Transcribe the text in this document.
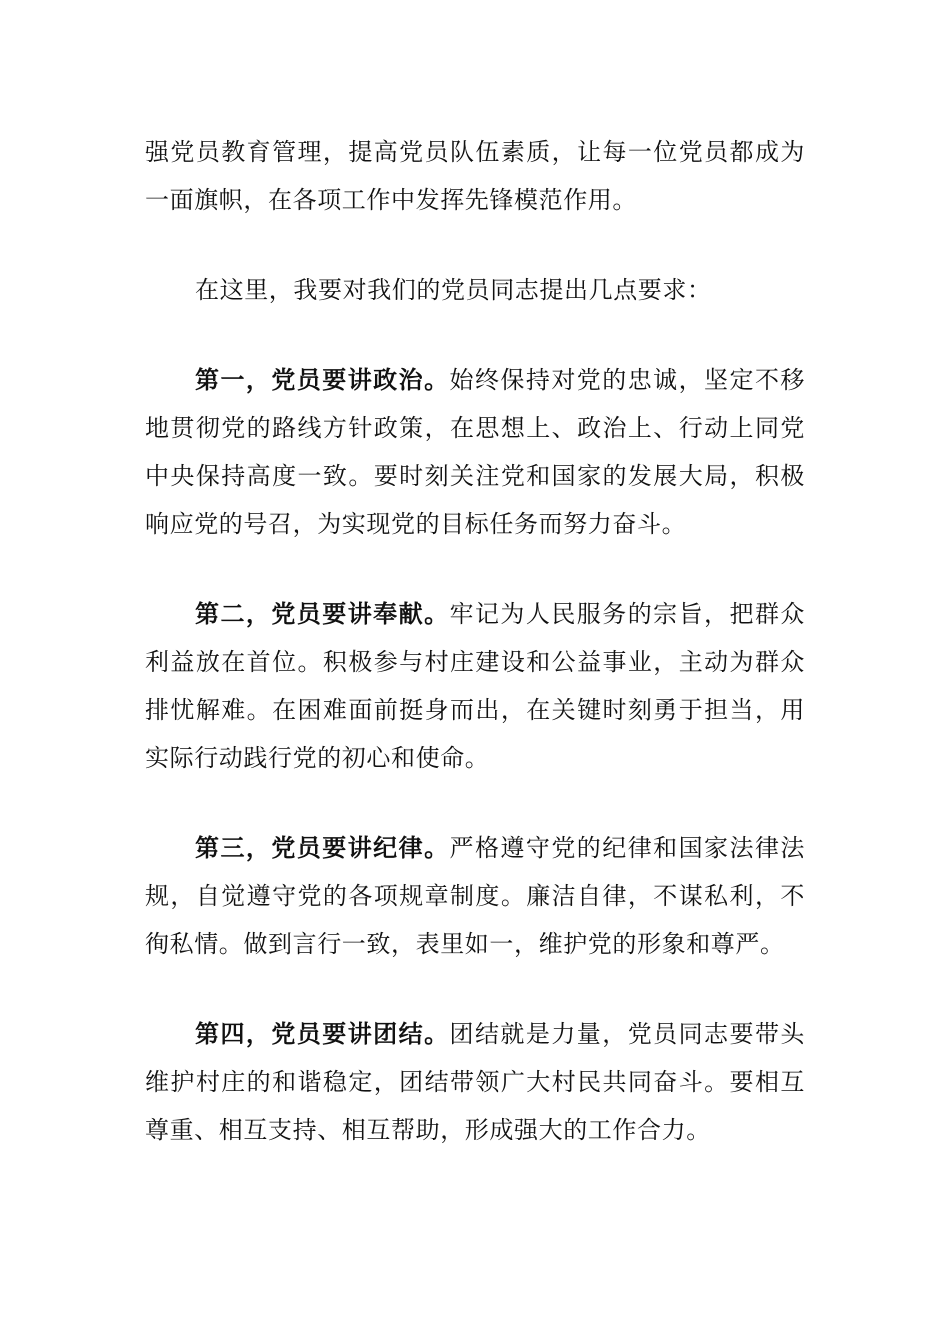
强党员教育管理，提高党员队伍素质，让每一位党员都成为一面旗帜，在各项工作中发挥先锋模范作用。

在这里，我要对我们的党员同志提出几点要求：

第一，党员要讲政治。始终保持对党的忠诚，坚定不移地贯彻党的路线方针政策，在思想上、政治上、行动上同党中央保持高度一致。要时刻关注党和国家的发展大局，积极响应党的号召，为实现党的目标任务而努力奋斗。

第二，党员要讲奉献。牢记为人民服务的宗旨，把群众利益放在首位。积极参与村庄建设和公益事业，主动为群众排忧解难。在困难面前挺身而出，在关键时刻勇于担当，用实际行动践行党的初心和使命。

第三，党员要讲纪律。严格遵守党的纪律和国家法律法规，自觉遵守党的各项规章制度。廉洁自律，不谋私利，不徇私情。做到言行一致，表里如一，维护党的形象和尊严。

第四，党员要讲团结。团结就是力量，党员同志要带头维护村庄的和谐稳定，团结带领广大村民共同奋斗。要相互尊重、相互支持、相互帮助，形成强大的工作合力。
